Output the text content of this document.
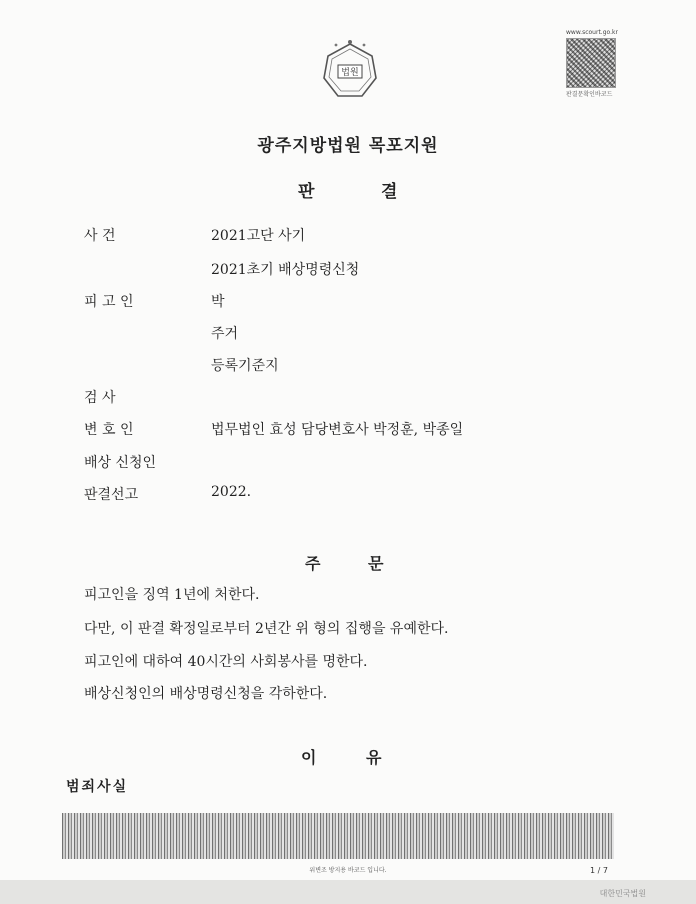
법원
www.scourt.go.kr
판결문확인바코드
광주지방법원 목포지원
판	결
사 건	2021고단 사기
2021초기 배상명령신청
피 고 인	박
주거
등록기준지
검 사
변 호 인	법무법인 효성 담당변호사 박정훈, 박종일
배상 신청인
판결선고	2022.
주	문
피고인을 징역 1년에 처한다.
다만, 이 판결 확정일로부터 2년간 위 형의 집행을 유예한다.
피고인에 대하여 40시간의 사회봉사를 명한다.
배상신청인의 배상명령신청을 각하한다.
이	유
범죄사실
위변조 방지용 바코드 입니다.	1 / 7
대한민국법원
